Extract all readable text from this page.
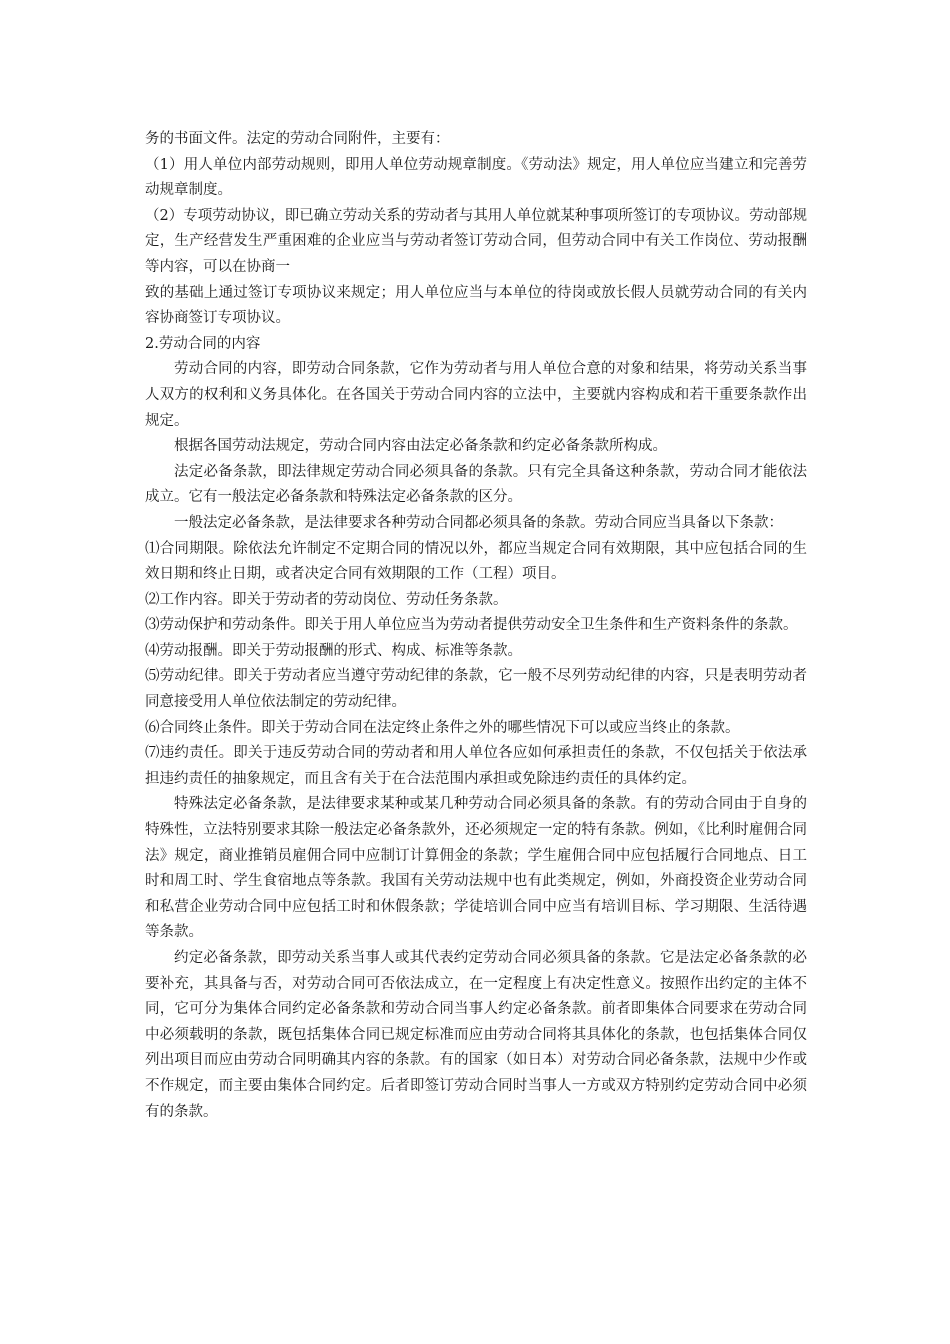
务的书面文件。法定的劳动合同附件，主要有：

（1）用人单位内部劳动规则，即用人单位劳动规章制度。《劳动法》规定，用人单位应当建立和完善劳动规章制度。

（2）专项劳动协议，即已确立劳动关系的劳动者与其用人单位就某种事项所签订的专项协议。劳动部规定，生产经营发生严重困难的企业应当与劳动者签订劳动合同，但劳动合同中有关工作岗位、劳动报酬等内容，可以在协商一

致的基础上通过签订专项协议来规定；用人单位应当与本单位的待岗或放长假人员就劳动合同的有关内容协商签订专项协议。

2.劳动合同的内容

劳动合同的内容，即劳动合同条款，它作为劳动者与用人单位合意的对象和结果，将劳动关系当事人双方的权利和义务具体化。在各国关于劳动合同内容的立法中，主要就内容构成和若干重要条款作出规定。

根据各国劳动法规定，劳动合同内容由法定必备条款和约定必备条款所构成。

法定必备条款，即法律规定劳动合同必须具备的条款。只有完全具备这种条款，劳动合同才能依法成立。它有一般法定必备条款和特殊法定必备条款的区分。

一般法定必备条款，是法律要求各种劳动合同都必须具备的条款。劳动合同应当具备以下条款：

⑴合同期限。除依法允许制定不定期合同的情况以外，都应当规定合同有效期限，其中应包括合同的生效日期和终止日期，或者决定合同有效期限的工作（工程）项目。

⑵工作内容。即关于劳动者的劳动岗位、劳动任务条款。

⑶劳动保护和劳动条件。即关于用人单位应当为劳动者提供劳动安全卫生条件和生产资料条件的条款。

⑷劳动报酬。即关于劳动报酬的形式、构成、标准等条款。

⑸劳动纪律。即关于劳动者应当遵守劳动纪律的条款，它一般不尽列劳动纪律的内容，只是表明劳动者同意接受用人单位依法制定的劳动纪律。

⑹合同终止条件。即关于劳动合同在法定终止条件之外的哪些情况下可以或应当终止的条款。

⑺违约责任。即关于违反劳动合同的劳动者和用人单位各应如何承担责任的条款，不仅包括关于依法承担违约责任的抽象规定，而且含有关于在合法范围内承担或免除违约责任的具体约定。

特殊法定必备条款，是法律要求某种或某几种劳动合同必须具备的条款。有的劳动合同由于自身的特殊性，立法特别要求其除一般法定必备条款外，还必须规定一定的特有条款。例如，《比利时雇佣合同法》规定，商业推销员雇佣合同中应制订计算佣金的条款；学生雇佣合同中应包括履行合同地点、日工时和周工时、学生食宿地点等条款。我国有关劳动法规中也有此类规定，例如，外商投资企业劳动合同和私营企业劳动合同中应包括工时和休假条款；学徒培训合同中应当有培训目标、学习期限、生活待遇等条款。

约定必备条款，即劳动关系当事人或其代表约定劳动合同必须具备的条款。它是法定必备条款的必要补充，其具备与否，对劳动合同可否依法成立，在一定程度上有决定性意义。按照作出约定的主体不同，它可分为集体合同约定必备条款和劳动合同当事人约定必备条款。前者即集体合同要求在劳动合同中必须载明的条款，既包括集体合同已规定标准而应由劳动合同将其具体化的条款，也包括集体合同仅列出项目而应由劳动合同明确其内容的条款。有的国家（如日本）对劳动合同必备条款，法规中少作或不作规定，而主要由集体合同约定。后者即签订劳动合同时当事人一方或双方特别约定劳动合同中必须有的条款。
